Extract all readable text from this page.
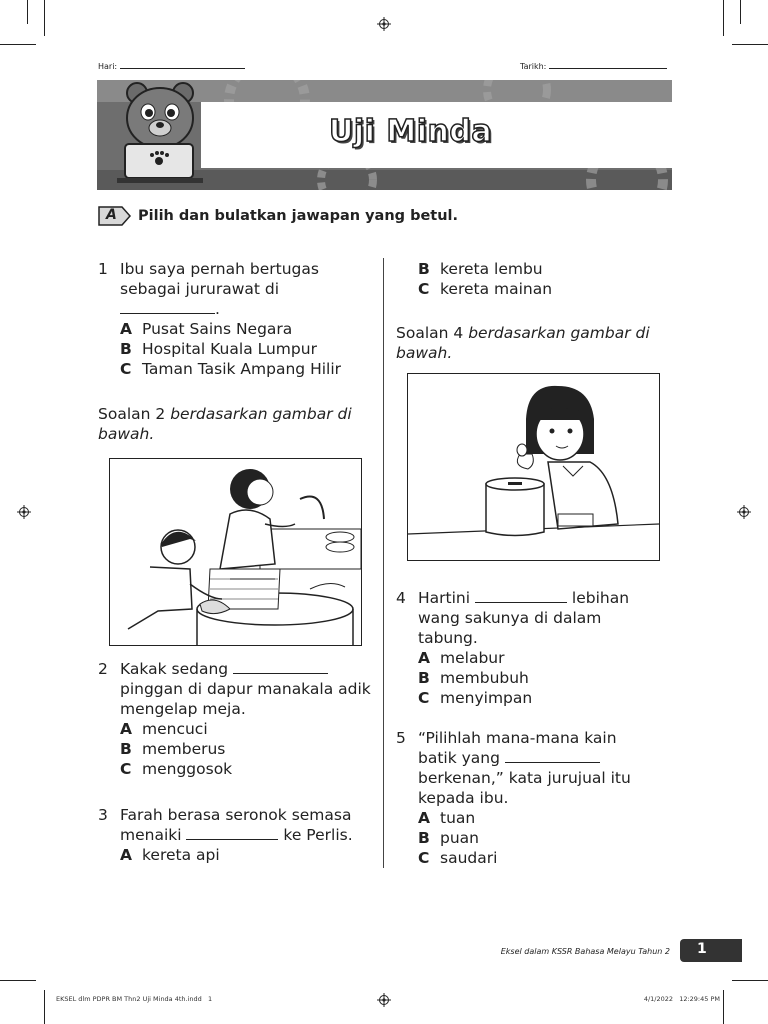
Hari:	Tarikh:
Uji Minda
A Pilih dan bulatkan jawapan yang betul.
1 Ibu saya pernah bertugas
sebagai jururawat di
.
A Pusat Sains Negara
B Hospital Kuala Lumpur
C Taman Tasik Ampang Hilir
Soalan 2 berdasarkan gambar di
bawah.
2 Kakak sedang
pinggan di dapur manakala adik
mengelap meja.
A mencuci
B memberus
C menggosok
3 Farah berasa seronok semasa
menaiki	ke Perlis.
A kereta api
B kereta lembu
C kereta mainan
Soalan 4 berdasarkan gambar di
bawah.
4 Hartini	lebihan
wang sakunya di dalam
tabung.
A melabur
B membubuh
C menyimpan
5 “Pilihlah mana-mana kain
batik yang
berkenan,” kata jurujual itu
kepada ibu.
A tuan
B puan
C saudari
Eksel dalam KSSR Bahasa Melayu Tahun 2 1
EKSEL dlm PDPR BM Thn2 Uji Minda 4th.indd   1	4/1/2022   12:29:45 PM
